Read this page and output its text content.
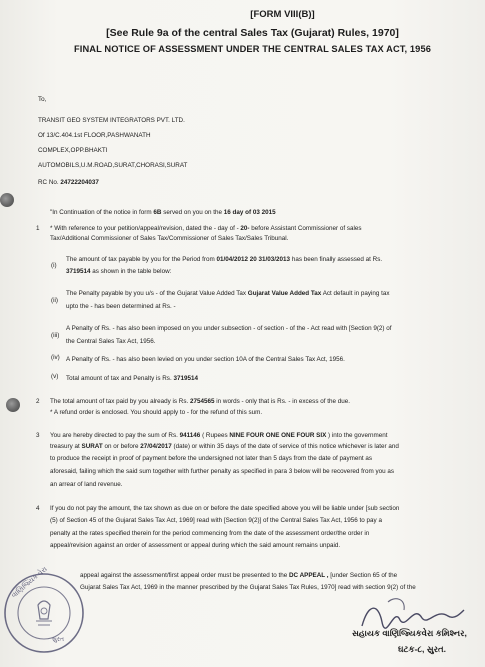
[FORM VIII(B)]
[See Rule 9a of the central Sales Tax (Gujarat) Rules, 1970]
FINAL NOTICE OF ASSESSMENT UNDER THE CENTRAL SALES TAX ACT, 1956
To,
TRANSIT GEO SYSTEM INTEGRATORS PVT. LTD.
Of 13/C.404.1st FLOOR,PASHWANATH
COMPLEX,OPP.BHAKTI
AUTOMOBILS,U.M.ROAD,SURAT,CHORASI,SURAT
RC No. 24722204037
"In Continuation of the notice in form 6B served on you on the 16 day of 03 2015
1 * With reference to your petition/appeal/revision, dated the - day of - 20- before Assistant Commissioner of sales
Tax/Additional Commissioner of Sales Tax/Commissioner of Sales Tax/Sales Tribunal.
(i)
The amount of tax payable by you for the Period from 01/04/2012 20 31/03/2013 has been finally assessed at Rs.
3719514 as shown in the table below:
(ii)
The Penalty payable by you u/s - of the Gujarat Value Added Tax Gujarat Value Added Tax Act default in paying tax
upto the - has been determined at Rs. -
(iii)
A Penalty of Rs. - has also been imposed on you under subsection - of section - of the - Act read with [Section 9(2) of
the Central Sales Tax Act, 1956.
(iv) A Penalty of Rs. - has also been levied on you under section 10A of the Central Sales Tax Act, 1956.
(v) Total amount of tax and Penalty is Rs. 3719514
2 The total amount of tax paid by you already is Rs. 2754565 in words - only that is Rs. - in excess of the due.
* A refund order is enclosed. You should apply to - for the refund of this sum.
3 You are hereby directed to pay the sum of Rs. 941146 ( Rupees NINE FOUR ONE ONE FOUR SIX ) into the government
treasury at SURAT on or before 27/04/2017 (date) or within 35 days of the date of service of this notice whichever is later and
to produce the receipt in proof of payment before the undersigned not later than 5 days from the date of payment as
aforesaid, failing which the said sum together with further penalty as specified in para 3 below will be recovered from you as
an arrear of land revenue.
4 If you do not pay the amount, the tax shown as due on or before the date specified above you will be liable under [sub section
(5) of Section 45 of the Gujarat Sales Tax Act, 1969] read with [Section 9(2)] of the Central Sales Tax Act, 1956 to pay a
penalty at the rates specified therein for the period commencing from the date of the assessment order/the order in
appeal/revision against an order of assessment or appeal during which the said amount remains unpaid.
appeal against the assessment/first appeal order must be presented to the DC APPEAL , [under Section 65 of the
Gujarat Sales Tax Act, 1969 in the manner prescribed by the Gujarat Sales Tax Rules, 1970] read with section 9(2) of the
વાણિજ્યિક વેરા
સુરત
સહાયક વાણિજ્યિકવેરા કમિશ્નર,
ઘટક-૮, સુરત.
